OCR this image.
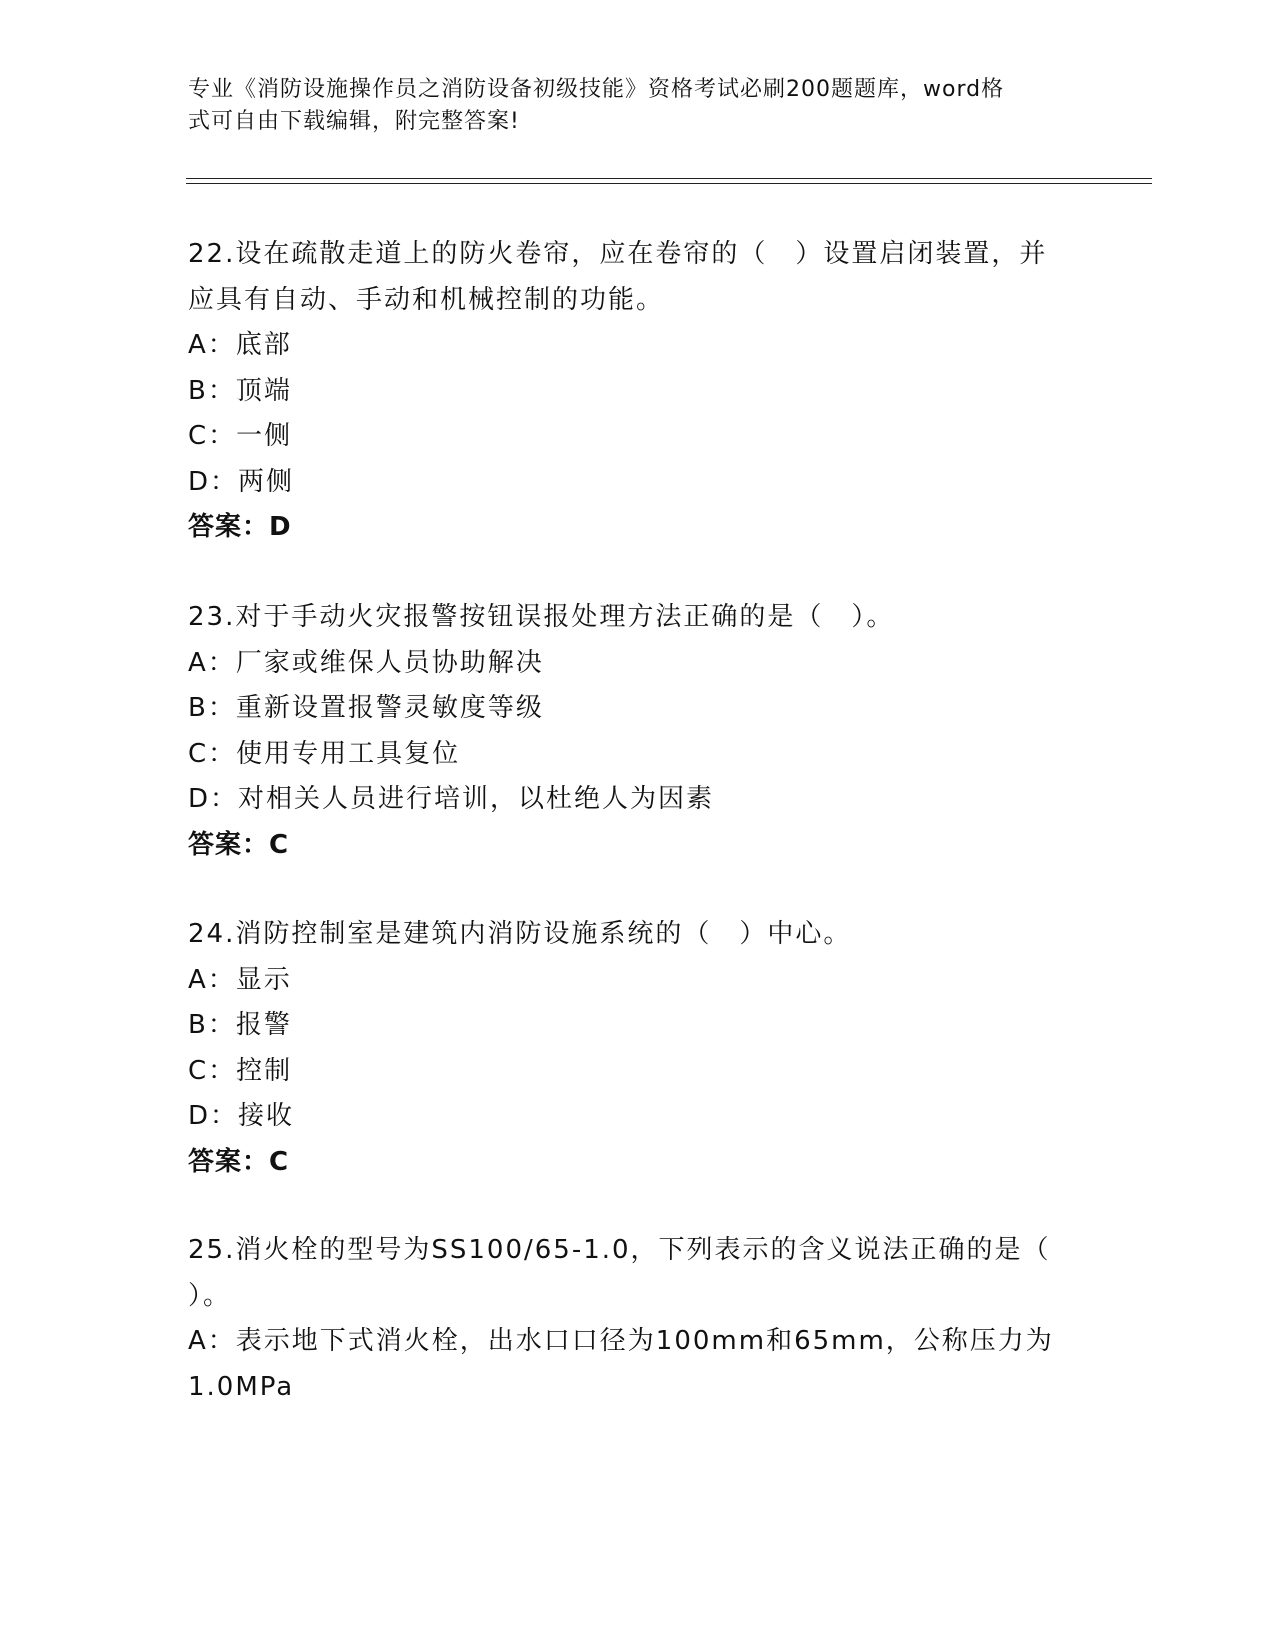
专业《消防设施操作员之消防设备初级技能》资格考试必刷200题题库，word格
式可自由下载编辑，附完整答案!
22.设在疏散走道上的防火卷帘，应在卷帘的（　）设置启闭装置，并
应具有自动、手动和机械控制的功能。
A：底部
B：顶端
C：一侧
D：两侧
答案：D
23.对于手动火灾报警按钮误报处理方法正确的是（　）。
A：厂家或维保人员协助解决
B：重新设置报警灵敏度等级
C：使用专用工具复位
D：对相关人员进行培训，以杜绝人为因素
答案：C
24.消防控制室是建筑内消防设施系统的（　）中心。
A：显示
B：报警
C：控制
D：接收
答案：C
25.消火栓的型号为SS100/65-1.0，下列表示的含义说法正确的是（
）。
A：表示地下式消火栓，出水口口径为100mm和65mm，公称压力为
1.0MPa
